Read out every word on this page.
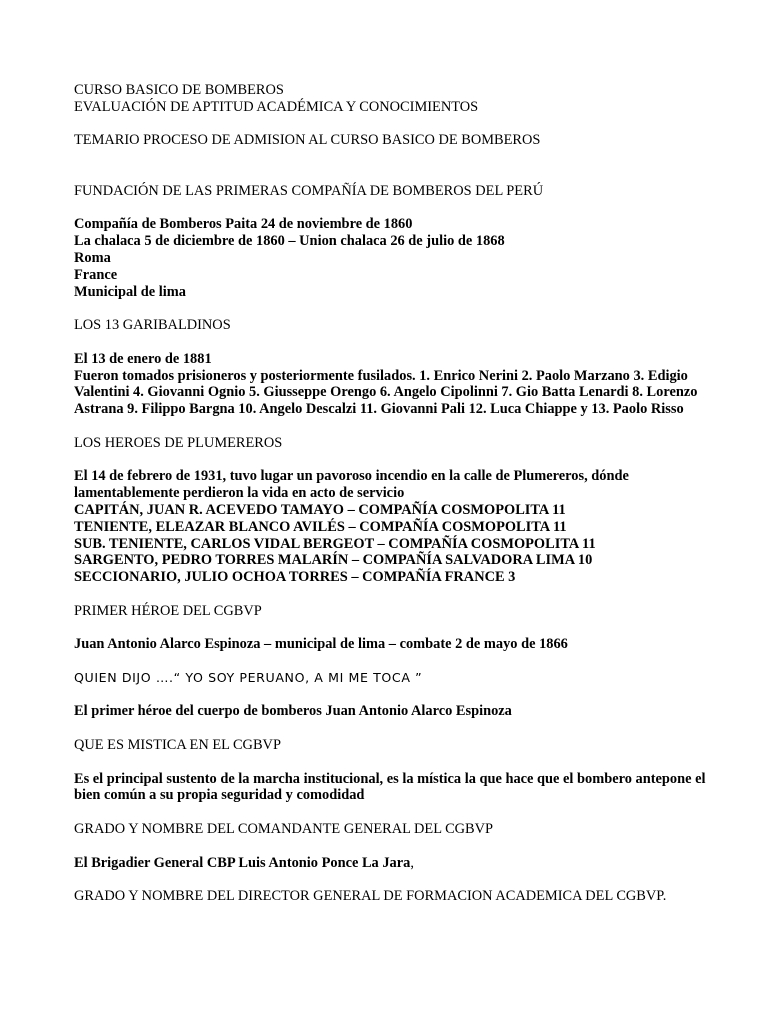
CURSO BASICO DE BOMBEROS
EVALUACIÓN DE APTITUD ACADÉMICA Y CONOCIMIENTOS
TEMARIO PROCESO DE ADMISION AL CURSO BASICO DE BOMBEROS
FUNDACIÓN DE LAS PRIMERAS COMPAÑÍA DE BOMBEROS DEL PERÚ
Compañía de Bomberos Paita 24 de noviembre de 1860
La chalaca 5 de diciembre de 1860 – Union chalaca 26 de julio de 1868
Roma
France
Municipal de lima
LOS 13 GARIBALDINOS
El 13 de enero de 1881
Fueron tomados prisioneros y posteriormente fusilados. 1. Enrico Nerini 2. Paolo Marzano 3. Edigio Valentini 4. Giovanni Ognio 5. Giusseppe Orengo 6. Angelo Cipolinni 7. Gio Batta Lenardi 8. Lorenzo Astrana 9. Filippo Bargna 10. Angelo Descalzi 11. Giovanni Pali 12. Luca Chiappe y 13. Paolo Risso
LOS HEROES DE PLUMEREROS
El 14 de febrero de 1931, tuvo lugar un pavoroso incendio en la calle de Plumereros, dónde lamentablemente perdieron la vida en acto de servicio
CAPITÁN, JUAN R. ACEVEDO TAMAYO – COMPAÑÍA COSMOPOLITA 11
TENIENTE, ELEAZAR BLANCO AVILÉS – COMPAÑÍA COSMOPOLITA 11
SUB. TENIENTE, CARLOS VIDAL BERGEOT – COMPAÑÍA COSMOPOLITA 11
SARGENTO, PEDRO TORRES MALARÍN – COMPAÑÍA SALVADORA LIMA 10
SECCIONARIO, JULIO OCHOA TORRES – COMPAÑÍA FRANCE 3
PRIMER HÉROE DEL CGBVP
Juan Antonio Alarco Espinoza – municipal de lima – combate 2 de mayo de 1866
QUIEN DIJO ….“ YO SOY PERUANO, A MI ME TOCA ”
El primer héroe del cuerpo de bomberos Juan Antonio Alarco Espinoza
QUE ES MISTICA EN EL CGBVP
Es el principal sustento de la marcha institucional, es la mística la que hace que el bombero antepone el bien común a su propia seguridad y comodidad
GRADO Y NOMBRE DEL COMANDANTE GENERAL DEL CGBVP
El Brigadier General CBP Luis Antonio Ponce La Jara,
GRADO Y NOMBRE DEL DIRECTOR GENERAL DE FORMACION ACADEMICA DEL CGBVP.
